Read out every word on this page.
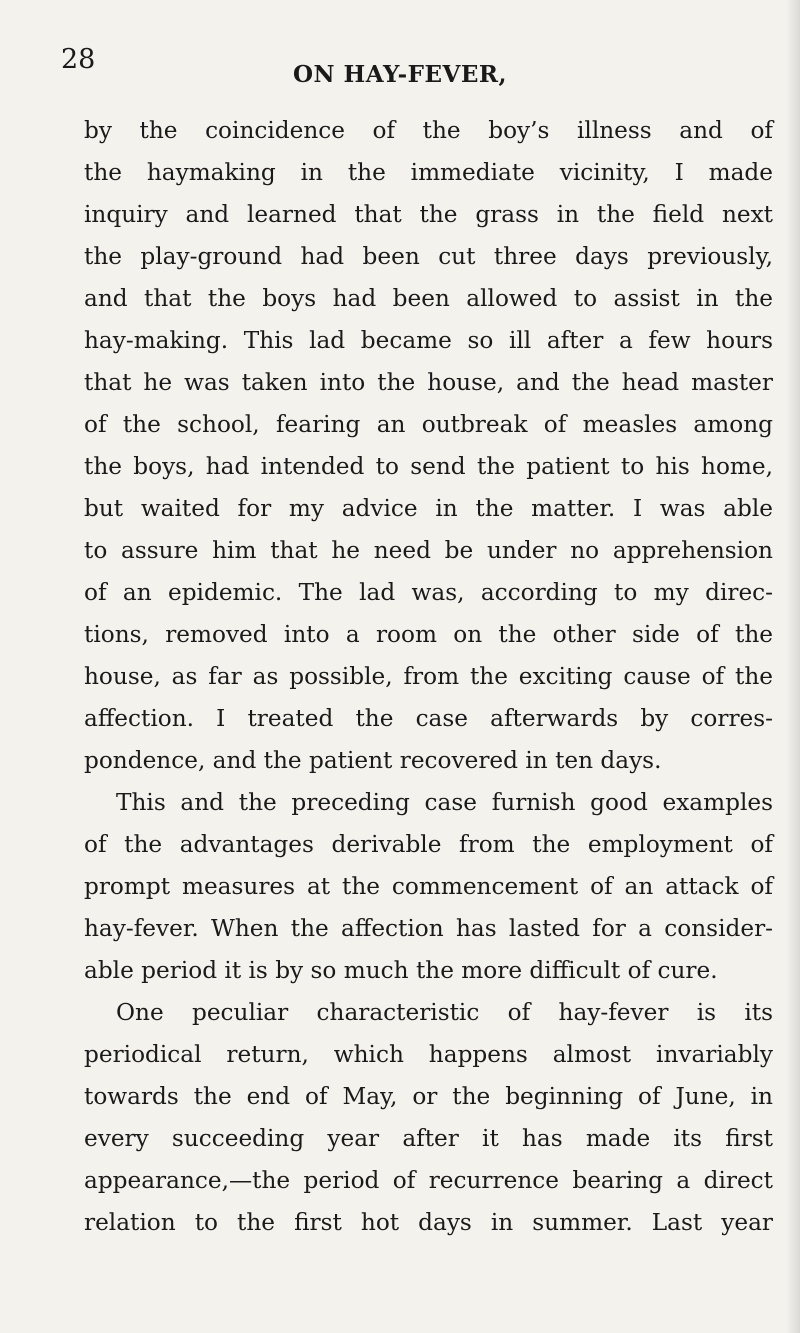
28	ON HAY-FEVER,

by the coincidence of the boy’s illness and of
the haymaking in the immediate vicinity, I made
inquiry and learned that the grass in the field next
the play-ground had been cut three days previously,
and that the boys had been allowed to assist in the
hay-making. This lad became so ill after a few hours
that he was taken into the house, and the head master
of the school, fearing an outbreak of measles among
the boys, had intended to send the patient to his home,
but waited for my advice in the matter. I was able
to assure him that he need be under no apprehension
of an epidemic. The lad was, according to my direc-
tions, removed into a room on the other side of the
house, as far as possible, from the exciting cause of the
affection. I treated the case afterwards by corres-
pondence, and the patient recovered in ten days.
This and the preceding case furnish good examples
of the advantages derivable from the employment of
prompt measures at the commencement of an attack of
hay-fever. When the affection has lasted for a consider-
able period it is by so much the more difficult of cure.
One peculiar characteristic of hay-fever is its
periodical return, which happens almost invariably
towards the end of May, or the beginning of June, in
every succeeding year after it has made its first
appearance,—the period of recurrence bearing a direct
relation to the first hot days in summer. Last year
